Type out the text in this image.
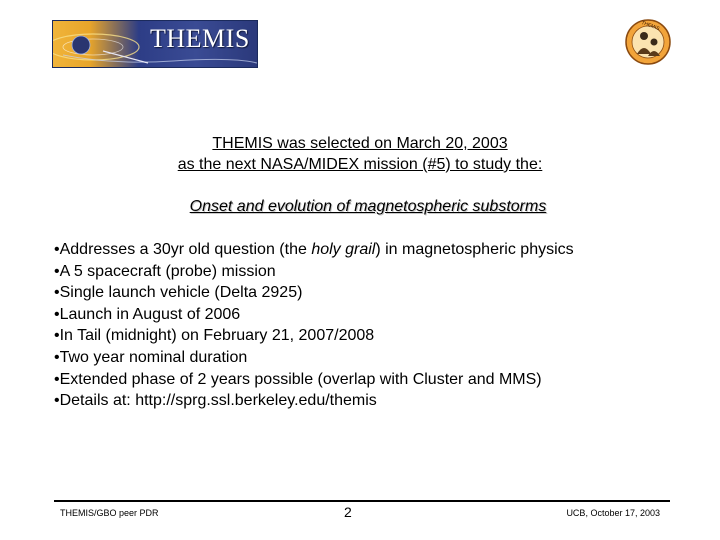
THEMIS	THEMIS
THEMIS was selected on March 20, 2003
as the next NASA/MIDEX mission (#5) to study the:
Onset and evolution of magnetospheric substorms
•Addresses a 30yr old question (the holy grail) in magnetospheric physics
•A 5 spacecraft (probe) mission
•Single launch vehicle (Delta 2925)
•Launch in August of 2006
•In Tail (midnight) on February 21, 2007/2008
•Two year nominal duration
•Extended phase of 2 years possible (overlap with Cluster and MMS)
•Details at: http://sprg.ssl.berkeley.edu/themis
THEMIS/GBO peer PDR	2	UCB, October 17, 2003
